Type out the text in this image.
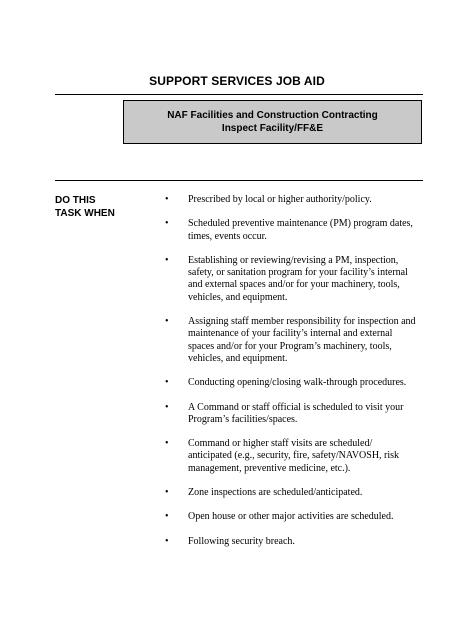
SUPPORT SERVICES JOB AID
NAF Facilities and Construction Contracting
Inspect Facility/FF&E
DO THIS
TASK WHEN
• Prescribed by local or higher authority/policy.
• Scheduled preventive maintenance (PM) program dates,
times, events occur.
• Establishing or reviewing/revising a PM, inspection,
safety, or sanitation program for your facility’s internal
and external spaces and/or for your machinery, tools,
vehicles, and equipment.
• Assigning staff member responsibility for inspection and
maintenance of your facility’s internal and external
spaces and/or for your Program’s machinery, tools,
vehicles, and equipment.
• Conducting opening/closing walk-through procedures.
• A Command or staff official is scheduled to visit your
Program’s facilities/spaces.
• Command or higher staff visits are scheduled/
anticipated (e.g., security, fire, safety/NAVOSH, risk
management, preventive medicine, etc.).
• Zone inspections are scheduled/anticipated.
• Open house or other major activities are scheduled.
• Following security breach.
